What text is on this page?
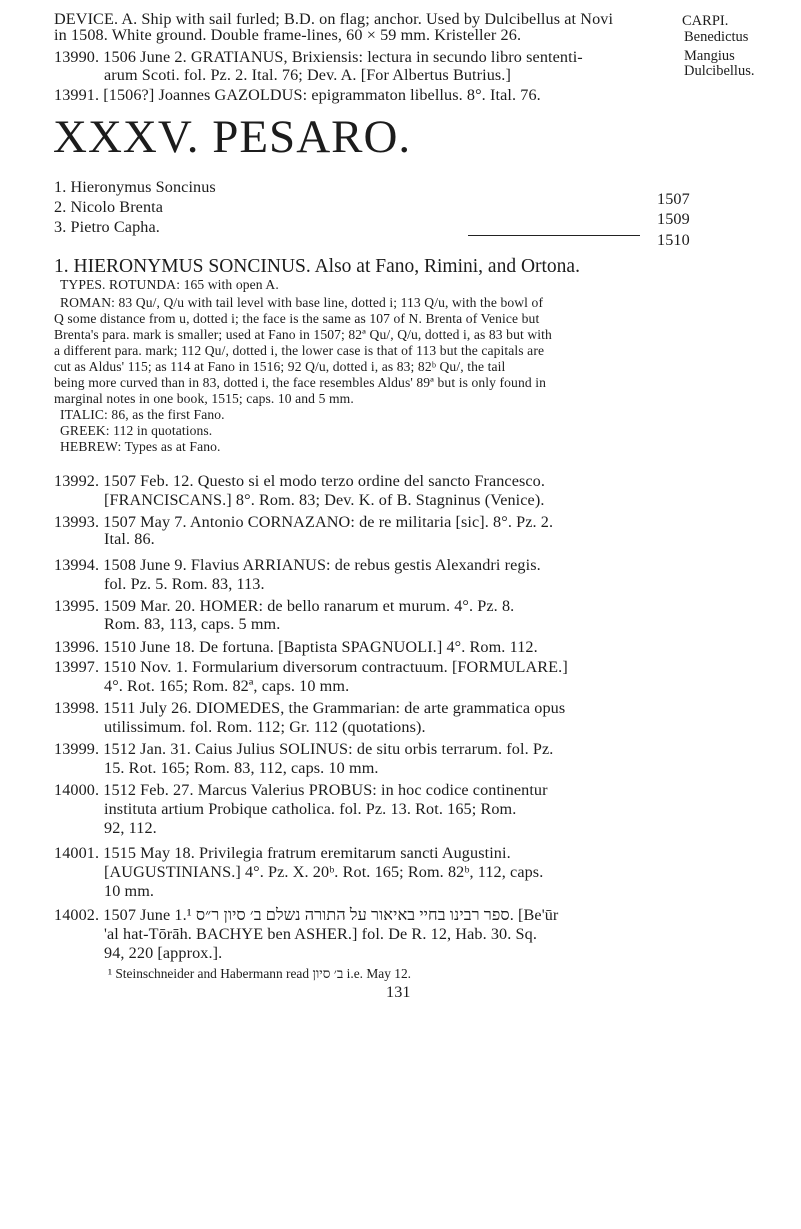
DEVICE. A. Ship with sail furled; B.D. on flag; anchor. Used by Dulcibellus at Novi
in 1508. White ground. Double frame-lines, 60 × 59 mm. Kristeller 26.
13990. 1506 June 2. GRATIANUS, Brixiensis: lectura in secundo libro sententi-
arum Scoti. fol. Pz. 2. Ital. 76; Dev. A. [For Albertus Butrius.]
13991. [1506?] Joannes GAZOLDUS: epigrammaton libellus. 8°. Ital. 76.
CARPI.
Benedictus
Mangius
Dulcibellus.
XXXV. PESARO.
1. Hieronymus Soncinus
2. Nicolo Brenta
3. Pietro Capha.
1507
1509
1510
1. HIERONYMUS SONCINUS. Also at Fano, Rimini, and Ortona.
TYPES. ROTUNDA: 165 with open A.
ROMAN: 83 Qu/, Q/u with tail level with base line, dotted i; 113 Q/u, with the bowl of
Q some distance from u, dotted i; the face is the same as 107 of N. Brenta of Venice but
Brenta's para. mark is smaller; used at Fano in 1507; 82ª Qu/, Q/u, dotted i, as 83 but with
a different para. mark; 112 Qu/, dotted i, the lower case is that of 113 but the capitals are
cut as Aldus' 115; as 114 at Fano in 1516; 92 Q/u, dotted i, as 83; 82ᵇ Qu/, the tail
being more curved than in 83, dotted i, the face resembles Aldus' 89ª but is only found in
marginal notes in one book, 1515; caps. 10 and 5 mm.
ITALIC: 86, as the first Fano.
GREEK: 112 in quotations.
HEBREW: Types as at Fano.
13992. 1507 Feb. 12. Questo si el modo terzo ordine del sancto Francesco.
[FRANCISCANS.] 8°. Rom. 83; Dev. K. of B. Stagninus (Venice).
13993. 1507 May 7. Antonio CORNAZANO: de re militaria [sic]. 8°. Pz. 2.
Ital. 86.
13994. 1508 June 9. Flavius ARRIANUS: de rebus gestis Alexandri regis.
fol. Pz. 5. Rom. 83, 113.
13995. 1509 Mar. 20. HOMER: de bello ranarum et murum. 4°. Pz. 8.
Rom. 83, 113, caps. 5 mm.
13996. 1510 June 18. De fortuna. [Baptista SPAGNUOLI.] 4°. Rom. 112.
13997. 1510 Nov. 1. Formularium diversorum contractuum. [FORMULARE.]
4°. Rot. 165; Rom. 82ª, caps. 10 mm.
13998. 1511 July 26. DIOMEDES, the Grammarian: de arte grammatica opus
utilissimum. fol. Rom. 112; Gr. 112 (quotations).
13999. 1512 Jan. 31. Caius Julius SOLINUS: de situ orbis terrarum. fol. Pz.
15. Rot. 165; Rom. 83, 112, caps. 10 mm.
14000. 1512 Feb. 27. Marcus Valerius PROBUS: in hoc codice continentur
instituta artium Probique catholica. fol. Pz. 13. Rot. 165; Rom.
92, 112.
14001. 1515 May 18. Privilegia fratrum eremitarum sancti Augustini.
[AUGUSTINIANS.] 4°. Pz. X. 20ᵇ. Rot. 165; Rom. 82ᵇ, 112, caps.
10 mm.
14002. 1507 June 1.¹ ספר רבינו בחיי באיאור על התורה נשלם ב׳ סיון ר״ס. [Be'ūr
'al hat-Tōrāh. BACHYE ben ASHER.] fol. De R. 12, Hab. 30. Sq.
94, 220 [approx.].
¹ Steinschneider and Habermann read ב׳ סיון i.e. May 12.
131
